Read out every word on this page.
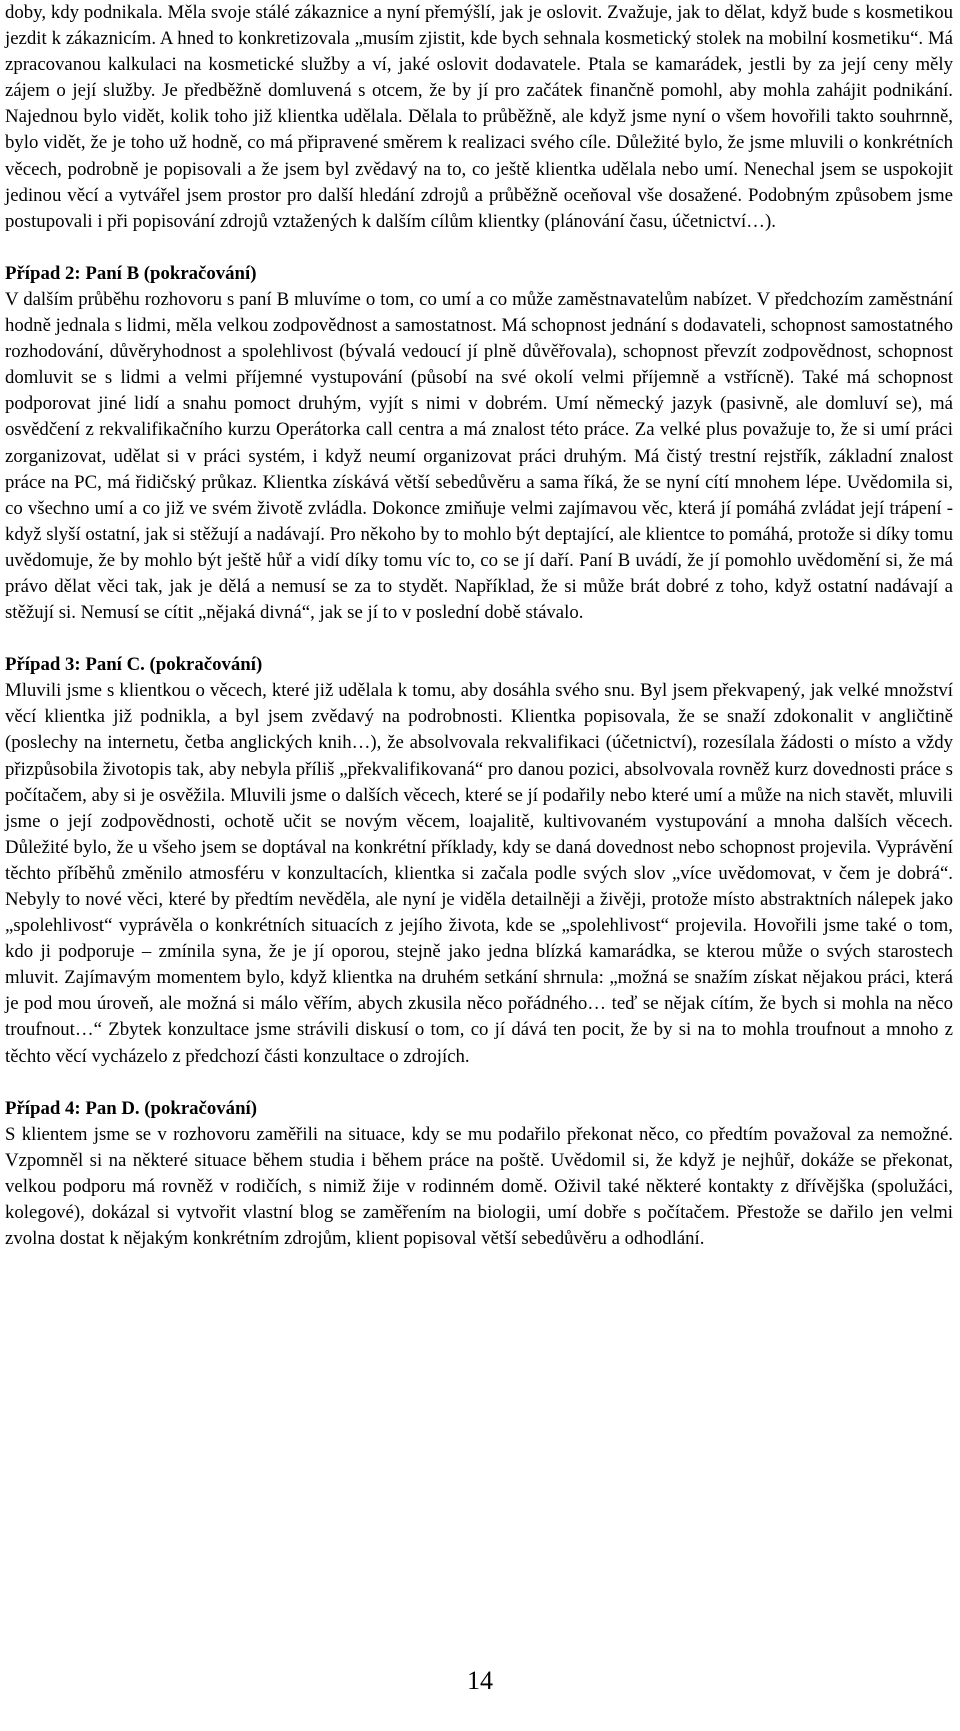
doby, kdy podnikala. Měla svoje stálé zákaznice a nyní přemýšlí, jak je oslovit. Zvažuje, jak to dělat, když bude s kosmetikou jezdit k zákaznicím. A hned to konkretizovala „musím zjistit, kde bych sehnala kosmetický stolek na mobilní kosmetiku“. Má zpracovanou kalkulaci na kosmetické služby a ví, jaké oslovit dodavatele. Ptala se kamarádek, jestli by za její ceny měly zájem o její služby. Je předběžně domluvená s otcem, že by jí pro začátek finančně pomohl, aby mohla zahájit podnikání. Najednou bylo vidět, kolik toho již klientka udělala. Dělala to průběžně, ale když jsme nyní o všem hovořili takto souhrnně, bylo vidět, že je toho už hodně, co má připravené směrem k realizaci svého cíle. Důležité bylo, že jsme mluvili o konkrétních věcech, podrobně je popisovali a že jsem byl zvědavý na to, co ještě klientka udělala nebo umí. Nenechal jsem se uspokojit jedinou věcí a vytvářel jsem prostor pro další hledání zdrojů a průběžně oceňoval vše dosažené. Podobným způsobem jsme postupovali i při popisování zdrojů vztažených k dalším cílům klientky (plánování času, účetnictví…).

Případ 2: Paní B (pokračování)

V dalším průběhu rozhovoru s paní B mluvíme o tom, co umí a co může zaměstnavatelům nabízet. V předchozím zaměstnání hodně jednala s lidmi, měla velkou zodpovědnost a samostatnost. Má schopnost jednání s dodavateli, schopnost samostatného rozhodování, důvěryhodnost a spolehlivost (bývalá vedoucí jí plně důvěřovala), schopnost převzít zodpovědnost, schopnost domluvit se s lidmi a velmi příjemné vystupování (působí na své okolí velmi příjemně a vstřícně). Také má schopnost podporovat jiné lidí a snahu pomoct druhým, vyjít s nimi v dobrém. Umí německý jazyk (pasivně, ale domluví se), má osvědčení z rekvalifikačního kurzu Operátorka call centra a má znalost této práce. Za velké plus považuje to, že si umí práci zorganizovat, udělat si v práci systém, i když neumí organizovat práci druhým. Má čistý trestní rejstřík, základní znalost práce na PC, má řidičský průkaz. Klientka získává větší sebedůvěru a sama říká, že se nyní cítí mnohem lépe. Uvědomila si, co všechno umí a co již ve svém životě zvládla. Dokonce zmiňuje velmi zajímavou věc, která jí pomáhá zvládat její trápení - když slyší ostatní, jak si stěžují a nadávají. Pro někoho by to mohlo být deptající, ale klientce to pomáhá, protože si díky tomu uvědomuje, že by mohlo být ještě hůř a vidí díky tomu víc to, co se jí daří. Paní B uvádí, že jí pomohlo uvědomění si, že má právo dělat věci tak, jak je dělá a nemusí se za to stydět. Například, že si může brát dobré z toho, když ostatní nadávají a stěžují si. Nemusí se cítit „nějaká divná“, jak se jí to v poslední době stávalo.

Případ 3: Paní C. (pokračování)

Mluvili jsme s klientkou o věcech, které již udělala k tomu, aby dosáhla svého snu. Byl jsem překvapený, jak velké množství věcí klientka již podnikla, a byl jsem zvědavý na podrobnosti. Klientka popisovala, že se snaží zdokonalit v angličtině (poslechy na internetu, četba anglických knih…), že absolvovala rekvalifikaci (účetnictví), rozesílala žádosti o místo a vždy přizpůsobila životopis tak, aby nebyla příliš „překvalifikovaná“ pro danou pozici, absolvovala rovněž kurz dovednosti práce s počítačem, aby si je osvěžila. Mluvili jsme o dalších věcech, které se jí podařily nebo které umí a může na nich stavět, mluvili jsme o její zodpovědnosti, ochotě učit se novým věcem, loajalitě, kultivovaném vystupování a mnoha dalších věcech. Důležité bylo, že u všeho jsem se doptával na konkrétní příklady, kdy se daná dovednost nebo schopnost projevila. Vyprávění těchto příběhů změnilo atmosféru v konzultacích, klientka si začala podle svých slov „více uvědomovat, v čem je dobrá“. Nebyly to nové věci, které by předtím nevěděla, ale nyní je viděla detailněji a živěji, protože místo abstraktních nálepek jako „spolehlivost“ vyprávěla o konkrétních situacích z jejího života, kde se „spolehlivost“ projevila. Hovořili jsme také o tom, kdo ji podporuje – zmínila syna, že je jí oporou, stejně jako jedna blízká kamarádka, se kterou může o svých starostech mluvit. Zajímavým momentem bylo, když klientka na druhém setkání shrnula: „možná se snažím získat nějakou práci, která je pod mou úroveň, ale možná si málo věřím, abych zkusila něco pořádného… teď se nějak cítím, že bych si mohla na něco troufnout…“ Zbytek konzultace jsme strávili diskusí o tom, co jí dává ten pocit, že by si na to mohla troufnout a mnoho z těchto věcí vycházelo z předchozí části konzultace o zdrojích.

Případ 4: Pan D. (pokračování)

S klientem jsme se v rozhovoru zaměřili na situace, kdy se mu podařilo překonat něco, co předtím považoval za nemožné. Vzpomněl si na některé situace během studia i během práce na poště. Uvědomil si, že když je nejhůř, dokáže se překonat, velkou podporu má rovněž v rodičích, s nimiž žije v rodinném domě. Oživil také některé kontakty z dřívějška (spolužáci, kolegové), dokázal si vytvořit vlastní blog se zaměřením na biologii, umí dobře s počítačem. Přestože se dařilo jen velmi zvolna dostat k nějakým konkrétním zdrojům, klient popisoval větší sebedůvěru a odhodlání.

14
